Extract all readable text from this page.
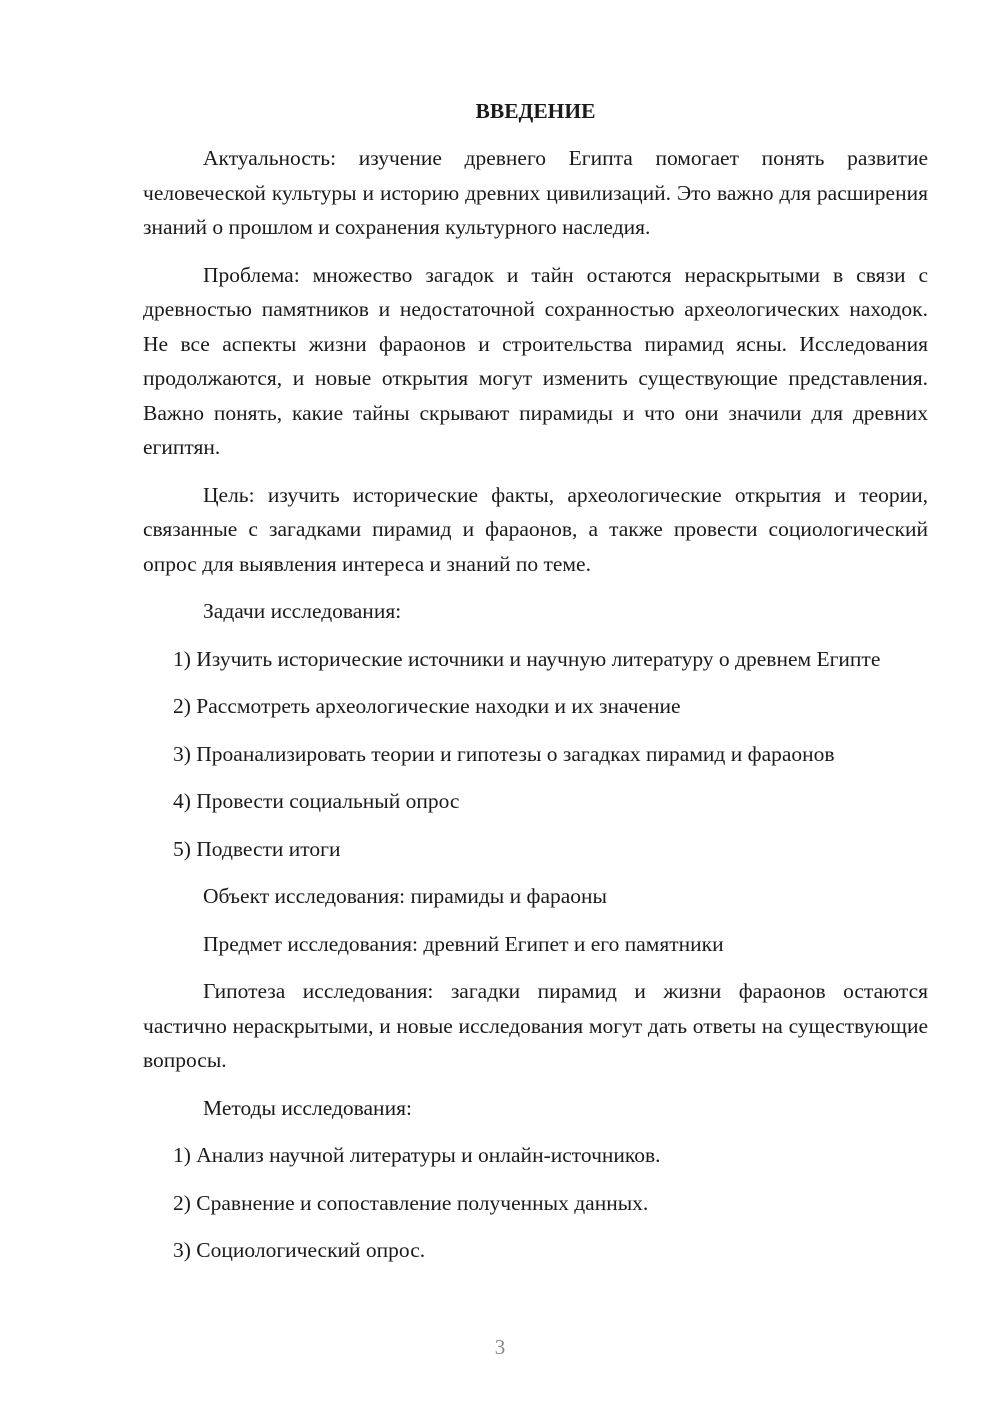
ВВЕДЕНИЕ

Актуальность: изучение древнего Египта помогает понять развитие человеческой культуры и историю древних цивилизаций. Это важно для расширения знаний о прошлом и сохранения культурного наследия.

Проблема: множество загадок и тайн остаются нераскрытыми в связи с древностью памятников и недостаточной сохранностью археологических находок. Не все аспекты жизни фараонов и строительства пирамид ясны. Исследования продолжаются, и новые открытия могут изменить существующие представления. Важно понять, какие тайны скрывают пирамиды и что они значили для древних египтян.

Цель: изучить исторические факты, археологические открытия и теории, связанные с загадками пирамид и фараонов, а также провести социологический опрос для выявления интереса и знаний по теме.

Задачи исследования:

1) Изучить исторические источники и научную литературу о древнем Египте

2) Рассмотреть археологические находки и их значение

3) Проанализировать теории и гипотезы о загадках пирамид и фараонов

4) Провести социальный опрос

5) Подвести итоги

Объект исследования: пирамиды и фараоны

Предмет исследования: древний Египет и его памятники

Гипотеза исследования: загадки пирамид и жизни фараонов остаются частично нераскрытыми, и новые исследования могут дать ответы на существующие вопросы.

Методы исследования:

1) Анализ научной литературы и онлайн-источников.

2) Сравнение и сопоставление полученных данных.

3) Социологический опрос.

3
